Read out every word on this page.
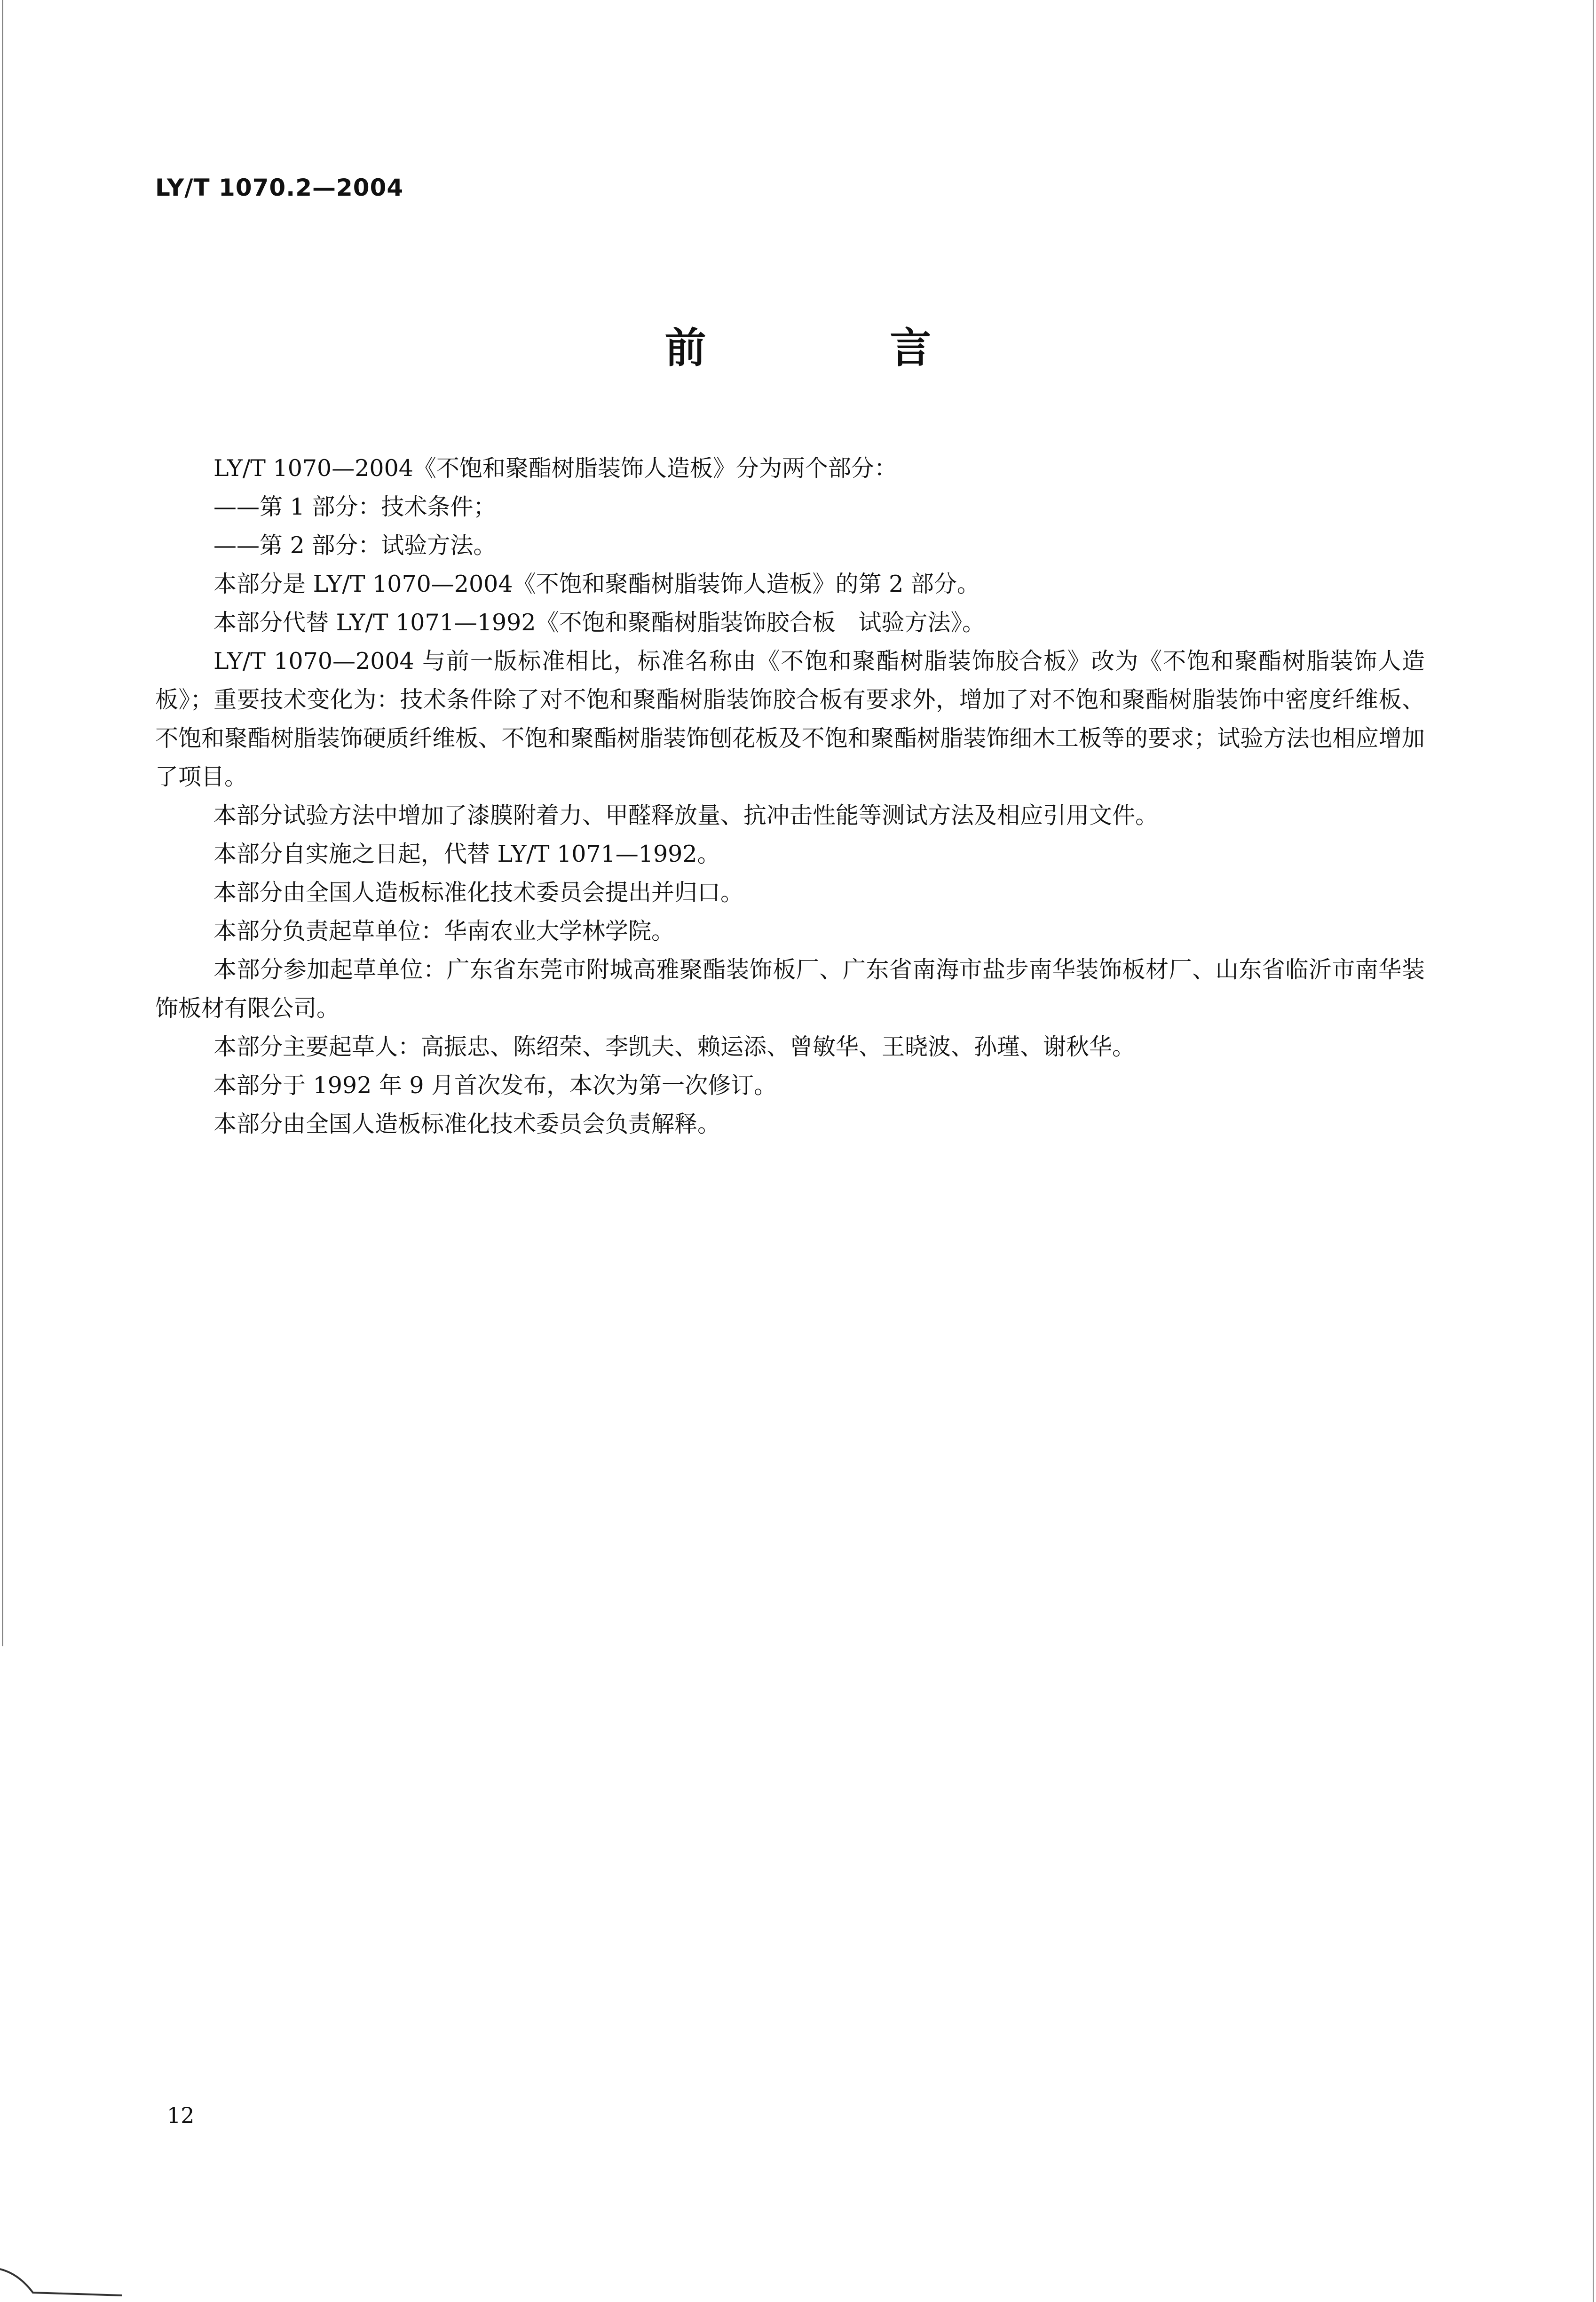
LY/T 1070.2—2004
前 言

LY/T 1070—2004《不饱和聚酯树脂装饰人造板》分为两个部分：

——第 1 部分：技术条件；

——第 2 部分：试验方法。

本部分是 LY/T 1070—2004《不饱和聚酯树脂装饰人造板》的第 2 部分。

本部分代替 LY/T 1071—1992《不饱和聚酯树脂装饰胶合板　试验方法》。

LY/T 1070—2004 与前一版标准相比，标准名称由《不饱和聚酯树脂装饰胶合板》改为《不饱和聚酯树脂装饰人造板》；重要技术变化为：技术条件除了对不饱和聚酯树脂装饰胶合板有要求外，增加了对不饱和聚酯树脂装饰中密度纤维板、不饱和聚酯树脂装饰硬质纤维板、不饱和聚酯树脂装饰刨花板及不饱和聚酯树脂装饰细木工板等的要求；试验方法也相应增加了项目。

本部分试验方法中增加了漆膜附着力、甲醛释放量、抗冲击性能等测试方法及相应引用文件。

本部分自实施之日起，代替 LY/T 1071—1992。

本部分由全国人造板标准化技术委员会提出并归口。

本部分负责起草单位：华南农业大学林学院。

本部分参加起草单位：广东省东莞市附城高雅聚酯装饰板厂、广东省南海市盐步南华装饰板材厂、山东省临沂市南华装饰板材有限公司。

本部分主要起草人：高振忠、陈绍荣、李凯夫、赖运添、曾敏华、王晓波、孙瑾、谢秋华。

本部分于 1992 年 9 月首次发布，本次为第一次修订。

本部分由全国人造板标准化技术委员会负责解释。

12
